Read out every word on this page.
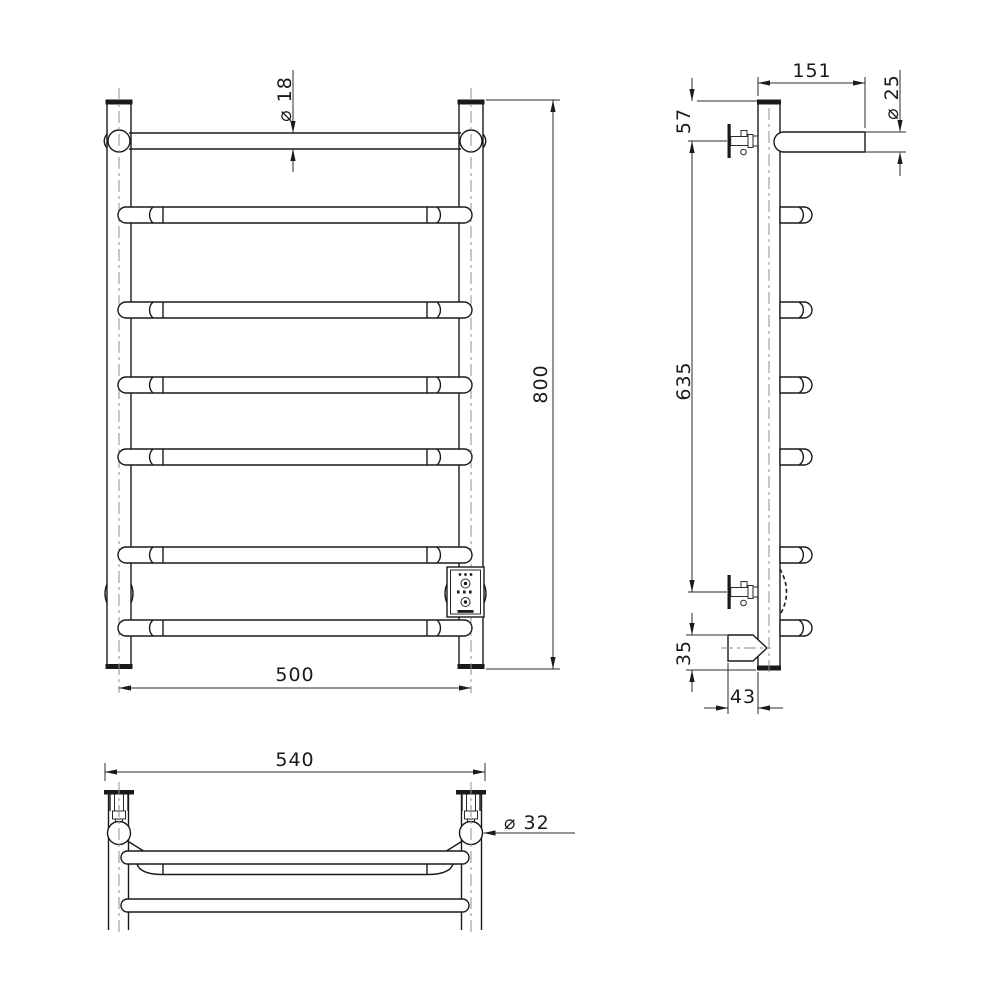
800
500
⌀ 18
151
⌀ 25
57
635
35
43
540
⌀ 32
